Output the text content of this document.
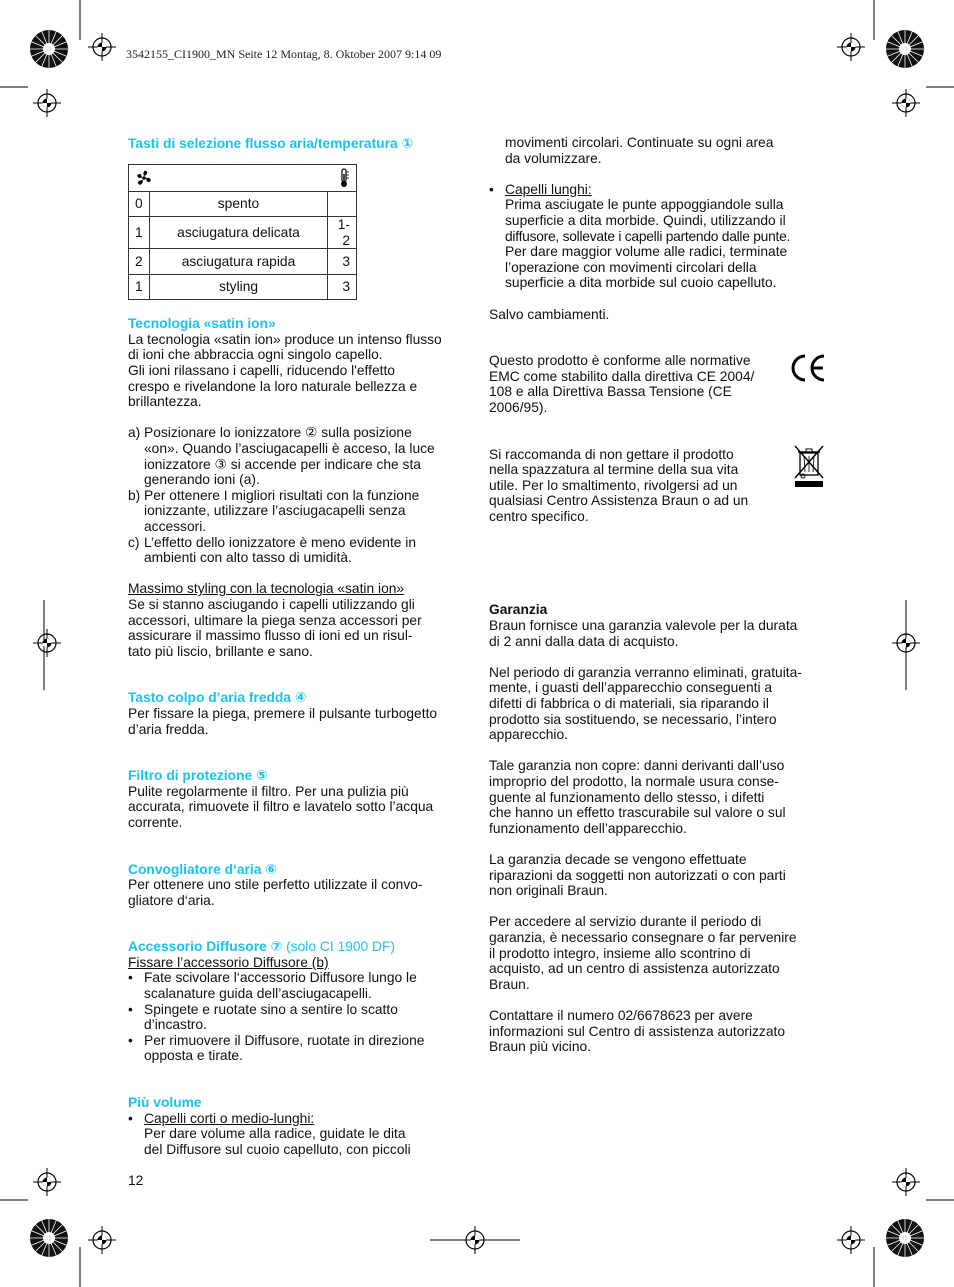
3542155_CI1900_MN Seite 12 Montag, 8. Oktober 2007 9:14 09

Tasti di selezione flusso aria/temperatura ①

0	spento	
1	asciugatura delicata	1-2
2	asciugatura rapida	3
1	styling	3

Tecnologia «satin ion»

La tecnologia «satin ion» produce un intenso flusso

di ioni che abbraccia ogni singolo capello.

Gli ioni rilassano i capelli, riducendo l'effetto

crespo e rivelandone la loro naturale bellezza e

brillantezza.

a) Posizionare lo ionizzatore ② sulla posizione

«on». Quando l’asciugacapelli è acceso, la luce

ionizzatore ③ si accende per indicare che sta

generando ioni (a).

b) Per ottenere I migliori risultati con la funzione

ionizzante, utilizzare l’asciugacapelli senza

accessori.

c) L’effetto dello ionizzatore è meno evidente in

ambienti con alto tasso di umidità.

Massimo styling con la tecnologia «satin ion»

Se si stanno asciugando i capelli utilizzando gli

accessori, ultimare la piega senza accessori per

assicurare il massimo flusso di ioni ed un risul-

tato più liscio, brillante e sano.

Tasto colpo d’aria fredda ④

Per fissare la piega, premere il pulsante turbogetto

d’aria fredda.

Filtro di protezione ⑤

Pulite regolarmente il filtro. Per una pulizia più

accurata, rimuovete il filtro e lavatelo sotto l’acqua

corrente.

Convogliatore d‘aria ⑥

Per ottenere uno stile perfetto utilizzate il convo-

gliatore d‘aria.

Accessorio Diffusore ⑦ (solo CI 1900 DF)

Fissare l’accessorio Diffusore (b)

• Fate scivolare l‘accessorio Diffusore lungo le

scalanature guida dell’asciugacapelli.

• Spingete e ruotate sino a sentire lo scatto

d’incastro.

• Per rimuovere il Diffusore, ruotate in direzione

opposta e tirate.

Più volume

• Capelli corti o medio-lunghi:

Per dare volume alla radice, guidate le dita

del Diffusore sul cuoio capelluto, con piccoli

movimenti circolari. Continuate su ogni area

da volumizzare.

• Capelli lunghi:

Prima asciugate le punte appoggiandole sulla

superficie a dita morbide. Quindi, utilizzando il

diffusore, sollevate i capelli partendo dalle punte.

Per dare maggior volume alle radici, terminate

l’operazione con movimenti circolari della

superficie a dita morbide sul cuoio capelluto.

Salvo cambiamenti.

Questo prodotto è conforme alle normative

EMC come stabilito dalla direttiva CE 2004/

108 e alla Direttiva Bassa Tensione (CE

2006/95).

Si raccomanda di non gettare il prodotto

nella spazzatura al termine della sua vita

utile. Per lo smaltimento, rivolgersi ad un

qualsiasi Centro Assistenza Braun o ad un

centro specifico.

Garanzia

Braun fornisce una garanzia valevole per la durata

di 2 anni dalla data di acquisto.

Nel periodo di garanzia verranno eliminati, gratuita-

mente, i guasti dell’apparecchio conseguenti a

difetti di fabbrica o di materiali, sia riparando il

prodotto sia sostituendo, se necessario, l’intero

apparecchio.

Tale garanzia non copre: danni derivanti dall’uso

improprio del prodotto, la normale usura conse-

guente al funzionamento dello stesso, i difetti

che hanno un effetto trascurabile sul valore o sul

funzionamento dell’apparecchio.

La garanzia decade se vengono effettuate

riparazioni da soggetti non autorizzati o con parti

non originali Braun.

Per accedere al servizio durante il periodo di

garanzia, è necessario consegnare o far pervenire

il prodotto integro, insieme allo scontrino di

acquisto, ad un centro di assistenza autorizzato

Braun.

Contattare il numero 02/6678623 per avere

informazioni sul Centro di assistenza autorizzato

Braun più vicino.

12
